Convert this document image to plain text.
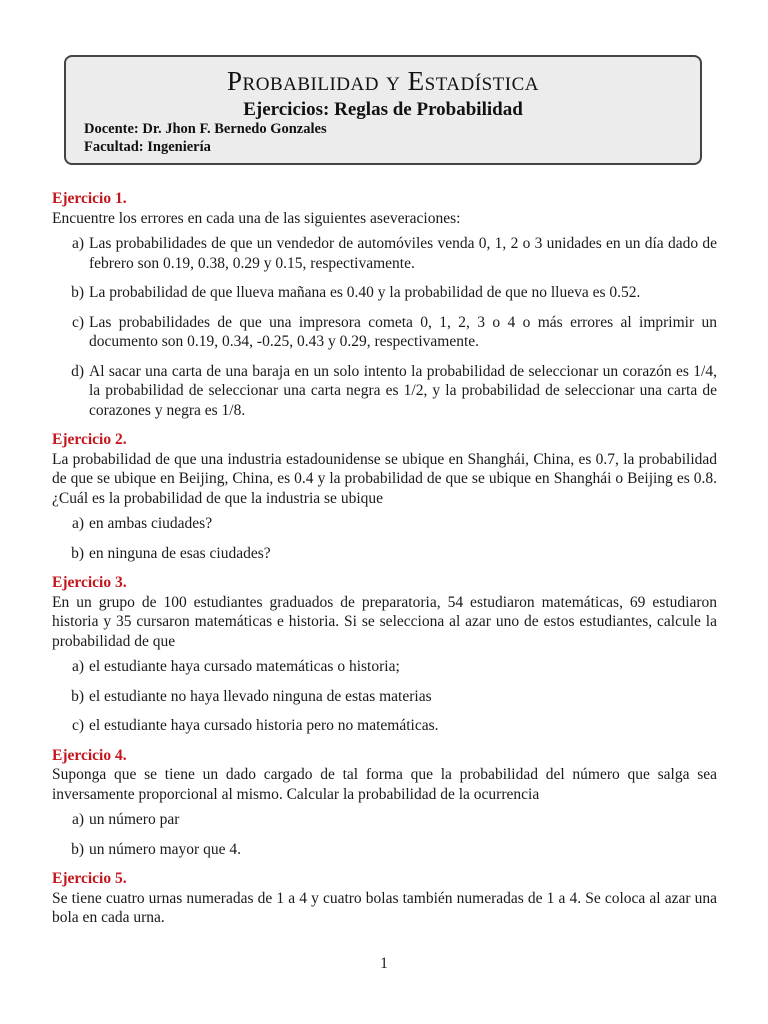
Probabilidad y Estadística
Ejercicios: Reglas de Probabilidad
Docente: Dr. Jhon F. Bernedo Gonzales
Facultad: Ingeniería

Ejercicio 1.

Encuentre los errores en cada una de las siguientes aseveraciones:

a) Las probabilidades de que un vendedor de automóviles venda 0, 1, 2 o 3 unidades en un día dado de febrero son 0.19, 0.38, 0.29 y 0.15, respectivamente.
b) La probabilidad de que llueva mañana es 0.40 y la probabilidad de que no llueva es 0.52.
c) Las probabilidades de que una impresora cometa 0, 1, 2, 3 o 4 o más errores al imprimir un documento son 0.19, 0.34, -0.25, 0.43 y 0.29, respectivamente.
d) Al sacar una carta de una baraja en un solo intento la probabilidad de seleccionar un corazón es 1/4, la probabilidad de seleccionar una carta negra es 1/2, y la probabilidad de seleccionar una carta de corazones y negra es 1/8.

Ejercicio 2.

La probabilidad de que una industria estadounidense se ubique en Shanghái, China, es 0.7, la probabilidad de que se ubique en Beijing, China, es 0.4 y la probabilidad de que se ubique en Shanghái o Beijing es 0.8. ¿Cuál es la probabilidad de que la industria se ubique

a) en ambas ciudades?
b) en ninguna de esas ciudades?

Ejercicio 3.

En un grupo de 100 estudiantes graduados de preparatoria, 54 estudiaron matemáticas, 69 estudiaron historia y 35 cursaron matemáticas e historia. Si se selecciona al azar uno de estos estudiantes, calcule la probabilidad de que

a) el estudiante haya cursado matemáticas o historia;
b) el estudiante no haya llevado ninguna de estas materias
c) el estudiante haya cursado historia pero no matemáticas.

Ejercicio 4.

Suponga que se tiene un dado cargado de tal forma que la probabilidad del número que salga sea inversamente proporcional al mismo. Calcular la probabilidad de la ocurrencia

a) un número par
b) un número mayor que 4.

Ejercicio 5.

Se tiene cuatro urnas numeradas de 1 a 4 y cuatro bolas también numeradas de 1 a 4. Se coloca al azar una bola en cada urna.

1
